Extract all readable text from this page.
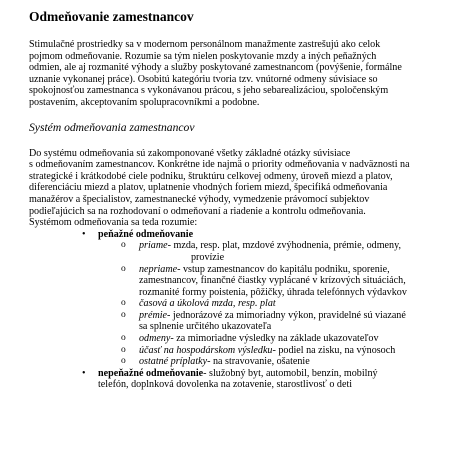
Odmeňovanie zamestnancov
Stimulačné prostriedky sa v modernom personálnom manažmente zastrešujú ako celok
pojmom odmeňovanie. Rozumie sa tým nielen poskytovanie mzdy a iných peňažných
odmien, ale aj rozmanité výhody a služby poskytované zamestnancom (povýšenie, formálne
uznanie vykonanej práce). Osobitú kategóriu tvoria tzv. vnútorné odmeny súvisiace so
spokojnosťou zamestnanca s vykonávanou prácou, s jeho sebarealizáciou, spoločenským
postavením, akceptovaním spolupracovníkmi a podobne.
Systém odmeňovania zamestnancov
Do systému odmeňovania sú zakomponované všetky základné otázky súvisiace
s odmeňovaním zamestnancov. Konkrétne ide najmä o priority odmeňovania v nadväznosti na
strategické i krátkodobé ciele podniku, štruktúru celkovej odmeny, úroveň miezd a platov,
diferenciáciu miezd a platov, uplatnenie vhodných foriem miezd, špecifiká odmeňovania
manažérov a špecialistov, zamestnanecké výhody, vymedzenie právomocí subjektov
podieľajúcich sa na rozhodovaní o odmeňovaní a riadenie a kontrolu odmeňovania.
Systémom odmeňovania sa teda rozumie:
• peňažné odmeňovanie
o priame- mzda, resp. plat, mzdové zvýhodnenia, prémie, odmeny,
provízie
o nepriame- vstup zamestnancov do kapitálu podniku, sporenie,
zamestnancov, finančné čiastky vyplácané v krízových situáciách,
rozmanité formy poistenia, pôžičky, úhrada telefónnych výdavkov
o časová a úkolová mzda, resp. plat
o prémie- jednorázové za mimoriadny výkon, pravidelné sú viazané
sa splnenie určitého ukazovateľa
o odmeny- za mimoriadne výsledky na základe ukazovateľov
o účasť na hospodárskom výsledku- podiel na zisku, na výnosoch
o ostatné príplatky- na stravovanie, ošatenie
• nepeňažné odmeňovanie- služobný byt, automobil, benzín, mobilný
telefón, doplnková dovolenka na zotavenie, starostlivosť o deti
